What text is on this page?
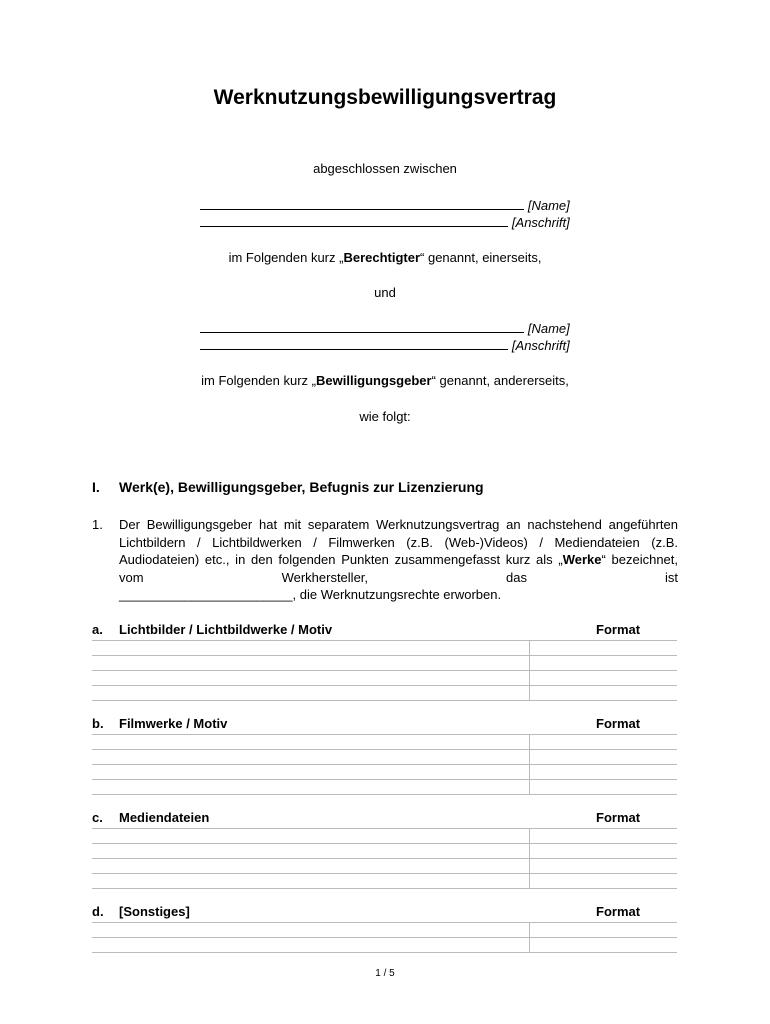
Werknutzungsbewilligungsvertrag
abgeschlossen zwischen
[Name]
[Anschrift]
im Folgenden kurz „Berechtigter“ genannt, einerseits,
und
[Name]
[Anschrift]
im Folgenden kurz „Bewilligungsgeber“ genannt, andererseits,
wie folgt:
I. Werk(e), Bewilligungsgeber, Befugnis zur Lizenzierung
1. Der Bewilligungsgeber hat mit separatem Werknutzungsvertrag an nachstehend angeführten Lichtbildern / Lichtbildwerken / Filmwerken (z.B. (Web-)Videos) / Mediendateien (z.B. Audiodateien) etc., in den folgenden Punkten zusammengefasst kurz als „Werke“ bezeichnet, vom Werkhersteller, das ist
________________________, die Werknutzungsrechte erworben.
a. Lichtbilder / Lichtbildwerke / Motiv	Format
b. Filmwerke / Motiv	Format
c. Mediendateien	Format
d. [Sonstiges]	Format
1 / 5
